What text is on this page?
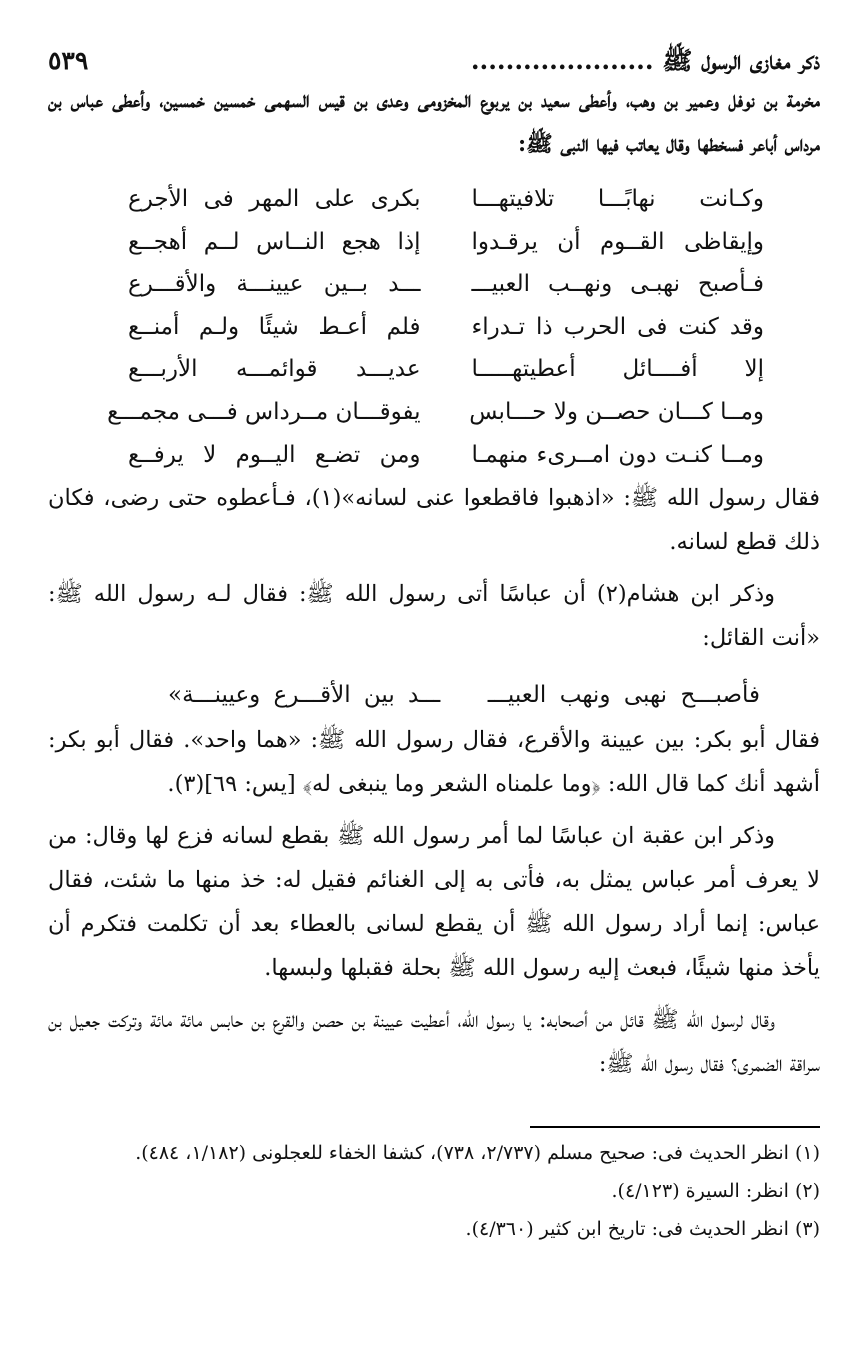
ذكر مغازى الرسول ﷺ .....................
٥٣٩

مخرمة بن نوفل وعمير بن وهب، وأعطى سعيد بن يربوع المخزومى وعدى بن قيس السهمى خمسين خمسين، وأعطى عباس بن مرداس أباعر فسخطها وقال يعاتب فيها النبى ﷺ:

وكـانت نهابًـــا تلافيتهـــا
بكرى على المهر فى الأجرع
وإيقاظى القــوم أن يرقـدوا
إذا هجع النــاس لــم أهجــع
فـأصبح نهبـى ونهــب العبيـــ
ـــد بــين عيينـــة والأقـــرع
وقد كنت فى الحرب ذا تـدراء
فلم أعـط شيئًا ولـم أمنــع
إلا أفــــائل أعطيتهـــــا
عديـــد قوائمـــه الأربـــع
ومــا كـــان حصــن ولا حـــابس
يفوقـــان مــرداس فـــى مجمـــع
ومــا كنـت دون امــرىء منهمـا
ومن تضـع اليــوم لا يرفــع

فقال رسول الله ﷺ: «اذهبوا فاقطعوا عنى لسانه»(١)، فـأعطوه حتى رضى، فكان ذلك قطع لسانه.

وذكر ابن هشام(٢) أن عباسًا أتى رسول الله ﷺ: فقال لـه رسول الله ﷺ: «أنت القائل:

فأصبـــح نهبى ونهب العبيـــ
ـــد بين الأقـــرع وعيينـــة»

فقال أبو بكر: بين عيينة والأقرع، فقال رسول الله ﷺ: «هما واحد». فقال أبو بكر: أشهد أنك كما قال الله: ﴿وما علمناه الشعر وما ينبغى له﴾ [يس: ٦٩](٣).

وذكر ابن عقبة ان عباسًا لما أمر رسول الله ﷺ بقطع لسانه فزع لها وقال: من لا يعرف أمر عباس يمثل به، فأتى به إلى الغنائم فقيل له: خذ منها ما شئت، فقال عباس: إنما أراد رسول الله ﷺ أن يقطع لسانى بالعطاء بعد أن تكلمت فتكرم أن يأخذ منها شيئًا، فبعث إليه رسول الله ﷺ بحلة فقبلها ولبسها.

وقال لرسول الله ﷺ قائل من أصحابه: يا رسول الله، أعطيت عيينة بن حصن والقرع بن حابس مائة مائة وتركت جعيل بن سراقة الضمرى؟ فقال رسول الله ﷺ:

(١) انظر الحديث فى: صحيح مسلم (٢/٧٣٧، ٧٣٨)، كشفا الخفاء للعجلونى (١/١٨٢، ٤٨٤).

(٢) انظر: السيرة (٤/١٢٣).

(٣) انظر الحديث فى: تاريخ ابن كثير (٤/٣٦٠).
